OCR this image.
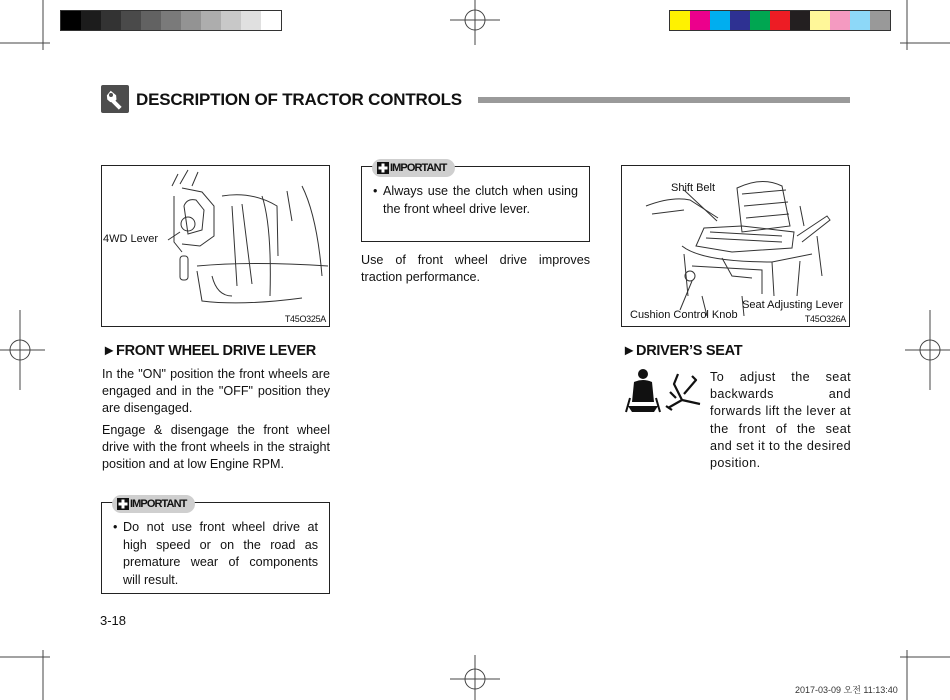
DESCRIPTION OF TRACTOR CONTROLS
4WD Lever
T45O325A
►FRONT WHEEL DRIVE LEVER

In the "ON" position the front wheels are engaged and in the "OFF" position they are disengaged.

Engage & disengage the front wheel drive with the front wheels in the straight position and at low Engine RPM.

IMPORTANT
• Do not use front wheel drive at high speed or on the road as premature wear of components will result.
3-18
IMPORTANT
• Always use the clutch when using the front wheel drive lever.
Use of front wheel drive improves traction performance.
Shift Belt
Seat Adjusting Lever
Cushion Control Knob	T45O326A
►DRIVER’S SEAT
To adjust the seat backwards and forwards lift the lever at the front of the seat and set it to the desired position.
2017-03-09 오전 11:13:40
